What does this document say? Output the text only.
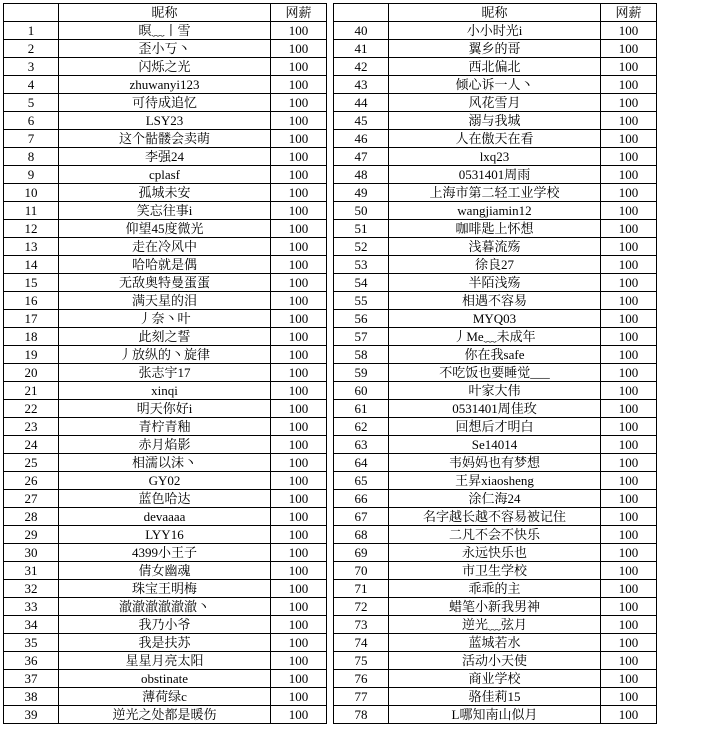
	昵称	网薪
1	暝﹏丨雪	100
2	歪小丂丶	100
3	闪烁之光	100
4	zhuwanyi123	100
5	可待成追忆	100
6	LSY23	100
7	这个骷髅会卖萌	100
8	李强24	100
9	cplasf	100
10	孤城未安	100
11	笑忘往事i	100
12	仰望45度微光	100
13	走在冷风中	100
14	哈哈就是偶	100
15	无敌奥特曼蛋蛋	100
16	满天星的泪	100
17	丿奈丶叶	100
18	此刻之誓	100
19	丿放纵的丶旋律	100
20	张志宇17	100
21	xinqi	100
22	明天你好i	100
23	青柠青釉	100
24	赤月焰影	100
25	相濡以沫丶	100
26	GY02	100
27	蓝色哈达	100
28	devaaaa	100
29	LYY16	100
30	4399小王子	100
31	倩女幽魂	100
32	珠宝王明梅	100
33	澈澈澈澈澈澈丶	100
34	我乃小爷	100
35	我是扶苏	100
36	星星月亮太阳	100
37	obstinate	100
38	薄荷绿c	100
39	逆光之处都是暖伤	100
	昵称	网薪
40	小小时光i	100
41	翼乡的哥	100
42	西北偏北	100
43	倾心诉一人丶	100
44	风花雪月	100
45	溺与我城	100
46	人在傲天在看	100
47	lxq23	100
48	0531401周雨	100
49	上海市第二轻工业学校	100
50	wangjiamin12	100
51	咖啡匙上怀想	100
52	浅暮流殇	100
53	徐良27	100
54	半陌浅殇	100
55	相遇不容易	100
56	MYQ03	100
57	丿Me﹏未成年	100
58	你在我safe	100
59	不吃饭也要睡觉___	100
60	叶家大伟	100
61	0531401周佳玫	100
62	回想后才明白	100
63	Se14014	100
64	韦妈妈也有梦想	100
65	王昇xiaosheng	100
66	涂仁海24	100
67	名字越长越不容易被记住	100
68	二凡不会不快乐	100
69	永远快乐也	100
70	市卫生学校	100
71	乖乖的主	100
72	蜡笔小新我男神	100
73	逆光﹏弦月	100
74	蓝城若水	100
75	活动小天使	100
76	商业学校	100
77	骆佳莉15	100
78	L哪知南山似月	100
